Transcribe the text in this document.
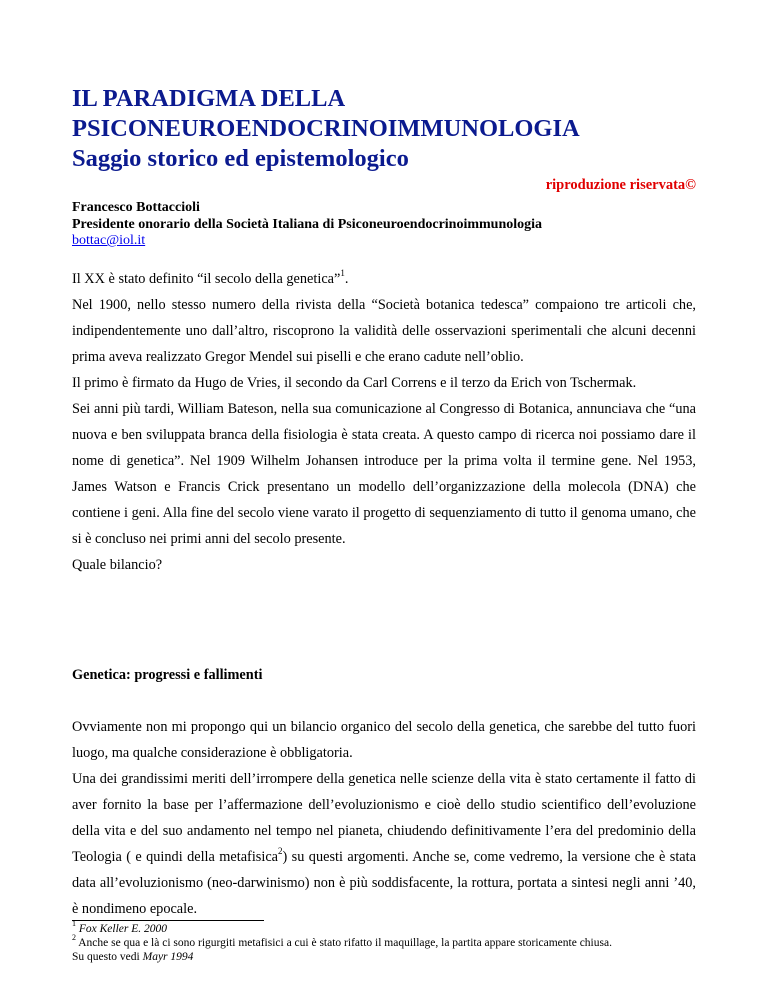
IL PARADIGMA DELLA
PSICONEUROENDOCRINOIMMUNOLOGIA
Saggio storico ed epistemologico
riproduzione riservata©
Francesco Bottaccioli
Presidente onorario della Società Italiana di Psiconeuroendocrinoimmunologia
bottac@iol.it

Il XX è stato definito “il secolo della genetica”$^1$.

Nel 1900, nello stesso numero della rivista della “Società botanica tedesca” compaiono tre articoli che, indipendentemente uno dall’altro, riscoprono la validità delle osservazioni sperimentali che alcuni decenni prima aveva realizzato Gregor Mendel sui piselli e che erano cadute nell’oblio.

Il primo è firmato da Hugo de Vries, il secondo da Carl Correns e il terzo da Erich von Tschermak.

Sei anni più tardi, William Bateson, nella sua comunicazione al Congresso di Botanica, annunciava che “una nuova e ben sviluppata branca della fisiologia è stata creata. A questo campo di ricerca noi possiamo dare il nome di genetica”. Nel 1909 Wilhelm Johansen introduce per la prima volta il termine gene. Nel 1953, James Watson e Francis Crick presentano un modello dell’organizzazione della molecola (DNA) che contiene i geni. Alla fine del secolo viene varato il progetto di sequenziamento di tutto il genoma umano, che si è concluso nei primi anni del secolo presente.

Quale bilancio?

Genetica: progressi e fallimenti

Ovviamente non mi propongo qui un bilancio organico del secolo della genetica, che sarebbe del tutto fuori luogo, ma qualche considerazione è obbligatoria.

Una dei grandissimi meriti dell’irrompere della genetica nelle scienze della vita è stato certamente il fatto di aver fornito la base per l’affermazione dell’evoluzionismo e cioè dello studio scientifico dell’evoluzione della vita e del suo andamento nel tempo nel pianeta, chiudendo definitivamente l’era del predominio della Teologia ( e quindi della metafisica$^2$) su questi argomenti. Anche se, come vedremo, la versione che è stata data all’evoluzionismo (neo-darwinismo) non è più soddisfacente, la rottura, portata a sintesi negli anni ’40, è nondimeno epocale.

$^1$ Fox Keller E. 2000
$^2$ Anche se qua e là ci sono rigurgiti metafisici a cui è stato rifatto il maquillage, la partita appare storicamente chiusa.
Su questo vedi Mayr 1994
